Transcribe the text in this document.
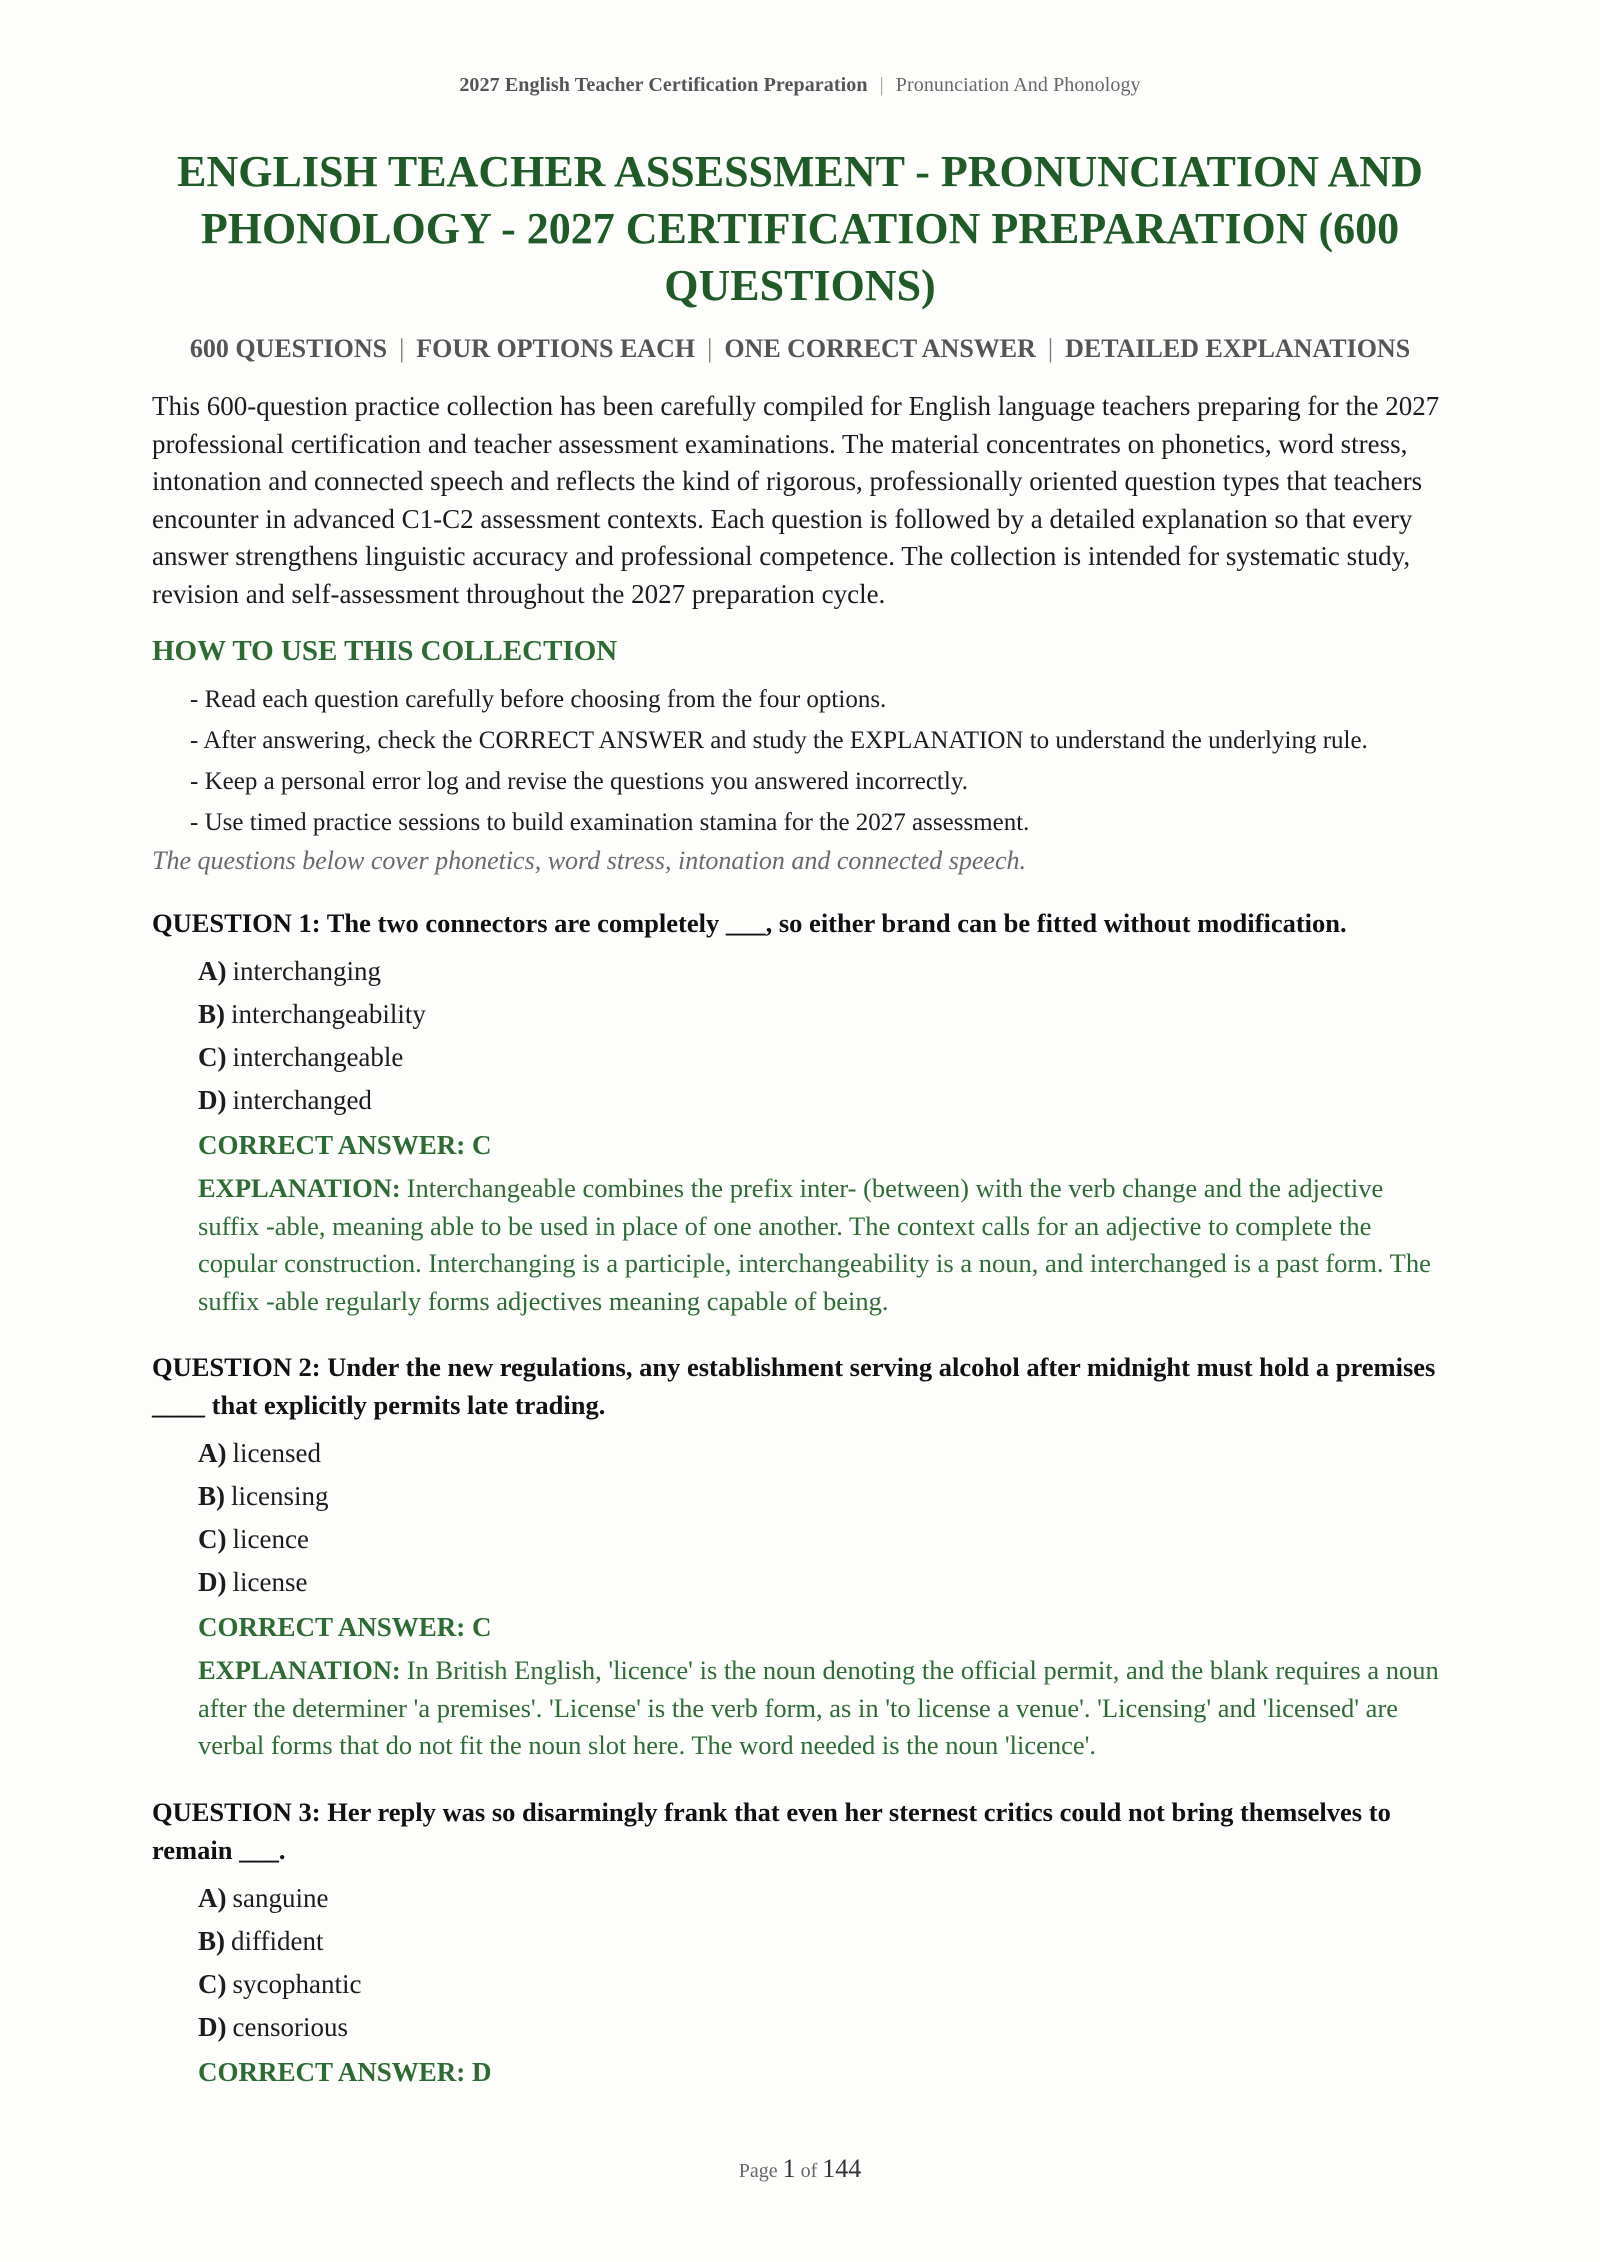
2027 English Teacher Certification Preparation | Pronunciation And Phonology
ENGLISH TEACHER ASSESSMENT - PRONUNCIATION AND PHONOLOGY - 2027 CERTIFICATION PREPARATION (600 QUESTIONS)
600 QUESTIONS | FOUR OPTIONS EACH | ONE CORRECT ANSWER | DETAILED EXPLANATIONS
This 600-question practice collection has been carefully compiled for English language teachers preparing for the 2027 professional certification and teacher assessment examinations. The material concentrates on phonetics, word stress, intonation and connected speech and reflects the kind of rigorous, professionally oriented question types that teachers encounter in advanced C1-C2 assessment contexts. Each question is followed by a detailed explanation so that every answer strengthens linguistic accuracy and professional competence. The collection is intended for systematic study, revision and self-assessment throughout the 2027 preparation cycle.
HOW TO USE THIS COLLECTION
- Read each question carefully before choosing from the four options.
- After answering, check the CORRECT ANSWER and study the EXPLANATION to understand the underlying rule.
- Keep a personal error log and revise the questions you answered incorrectly.
- Use timed practice sessions to build examination stamina for the 2027 assessment.
The questions below cover phonetics, word stress, intonation and connected speech.
QUESTION 1: The two connectors are completely ___, so either brand can be fitted without modification.
A) interchanging
B) interchangeability
C) interchangeable
D) interchanged
CORRECT ANSWER: C
EXPLANATION: Interchangeable combines the prefix inter- (between) with the verb change and the adjective suffix -able, meaning able to be used in place of one another. The context calls for an adjective to complete the copular construction. Interchanging is a participle, interchangeability is a noun, and interchanged is a past form. The suffix -able regularly forms adjectives meaning capable of being.
QUESTION 2: Under the new regulations, any establishment serving alcohol after midnight must hold a premises ____ that explicitly permits late trading.
A) licensed
B) licensing
C) licence
D) license
CORRECT ANSWER: C
EXPLANATION: In British English, 'licence' is the noun denoting the official permit, and the blank requires a noun after the determiner 'a premises'. 'License' is the verb form, as in 'to license a venue'. 'Licensing' and 'licensed' are verbal forms that do not fit the noun slot here. The word needed is the noun 'licence'.
QUESTION 3: Her reply was so disarmingly frank that even her sternest critics could not bring themselves to remain ___.
A) sanguine
B) diffident
C) sycophantic
D) censorious
CORRECT ANSWER: D
Page 1 of 144
